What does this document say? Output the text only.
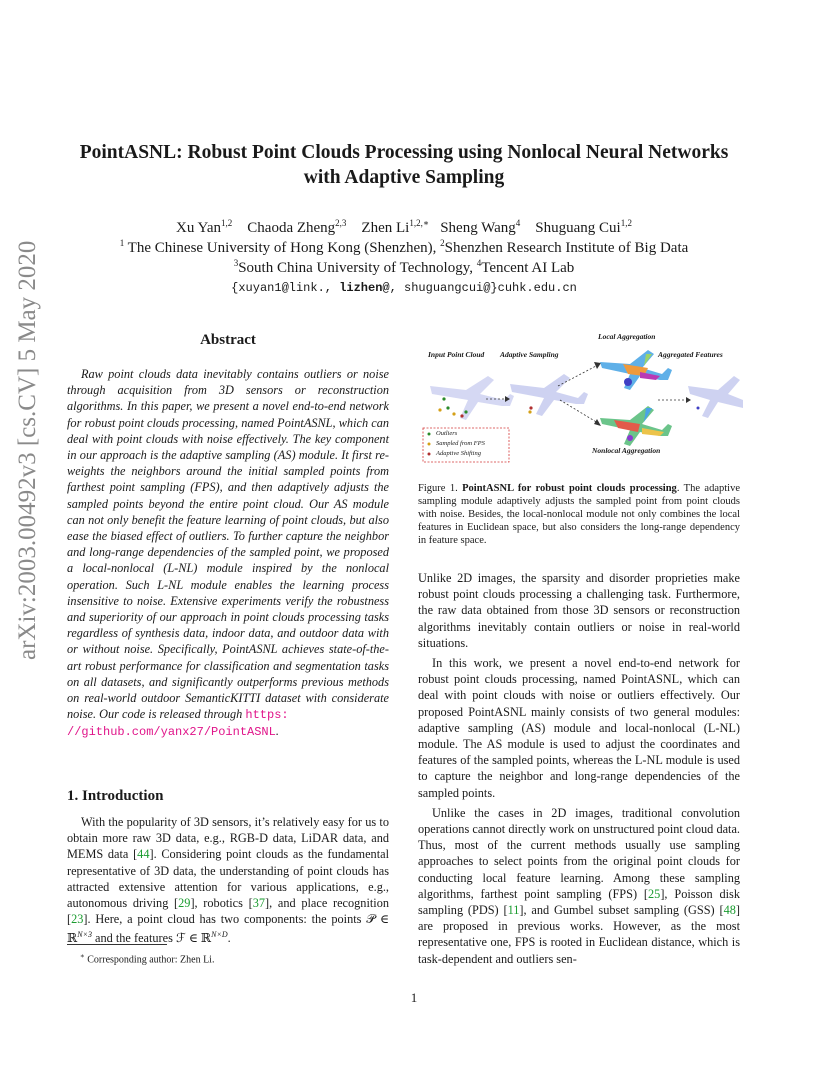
arXiv:2003.00492v3 [cs.CV] 5 May 2020
PointASNL: Robust Point Clouds Processing using Nonlocal Neural Networks
with Adaptive Sampling
Xu Yan$^{1,2}$ Chaoda Zheng$^{2,3}$ Zhen $Li^{1,2,∗}$ Sheng Wang$^4$ Shuguang Cui$^{1,2}$
$^1$ The Chinese University of Hong Kong (Shenzhen), $^2$Shenzhen Research Institute of Big Data
$^3$South China University of Technology, $^4$Tencent AI Lab
{xuyan1@link., lizhen@, shuguangcui@}cuhk.edu.cn
Abstract
Raw point clouds data inevitably contains outliers or noise through acquisition from 3D sensors or reconstruction algorithms. In this paper, we present a novel end-to-end network for robust point clouds processing, named PointASNL, which can deal with point clouds with noise effectively. The key component in our approach is the adaptive sampling (AS) module. It first re-weights the neighbors around the initial sampled points from farthest point sampling (FPS), and then adaptively adjusts the sampled points beyond the entire point cloud. Our AS module can not only benefit the feature learning of point clouds, but also ease the biased effect of outliers. To further capture the neighbor and long-range dependencies of the sampled point, we proposed a local-nonlocal (L-NL) module inspired by the nonlocal operation. Such L-NL module enables the learning process insensitive to noise. Extensive experiments verify the robustness and superiority of our approach in point clouds processing tasks regardless of synthesis data, indoor data, and outdoor data with or without noise. Specifically, PointASNL achieves state-of-the-art robust performance for classification and segmentation tasks on all datasets, and significantly outperforms previous methods on real-world outdoor SemanticKITTI dataset with considerate noise. Our code is released through https:
//github.com/yanx27/PointASNL.
1. Introduction

With the popularity of 3D sensors, it’s relatively easy for us to obtain more raw 3D data, e.g., RGB-D data, LiDAR data, and MEMS data [44]. Considering point clouds as the fundamental representative of 3D data, the understanding of point clouds has attracted extensive attention for various applications, e.g., autonomous driving [29], robotics [37], and place recognition [23]. Here, a point cloud has two components: the points 𝒫 ∈ ℝ$^{N\times 3}$ and the features ℱ ∈ ℝ$^{N\times D}$.

∗ Corresponding author: Zhen Li.
Local Aggregation
Input Point Cloud Adaptive Sampling	Aggregated Features
Nonlocal Aggregation
Outliers
Sampled from FPS
Adaptive Shifting
Figure 1. PointASNL for robust point clouds processing. The adaptive sampling module adaptively adjusts the sampled point from point clouds with noise. Besides, the local-nonlocal module not only combines the local features in Euclidean space, but also considers the long-range dependency in feature space.

Unlike 2D images, the sparsity and disorder proprieties make robust point clouds processing a challenging task. Furthermore, the raw data obtained from those 3D sensors or reconstruction algorithms inevitably contain outliers or noise in real-world situations.

In this work, we present a novel end-to-end network for robust point clouds processing, named PointASNL, which can deal with point clouds with noise or outliers effectively. Our proposed PointASNL mainly consists of two general modules: adaptive sampling (AS) module and local-nonlocal (L-NL) module. The AS module is used to adjust the coordinates and features of the sampled points, whereas the L-NL module is used to capture the neighbor and long-range dependencies of the sampled points.

Unlike the cases in 2D images, traditional convolution operations cannot directly work on unstructured point cloud data. Thus, most of the current methods usually use sampling approaches to select points from the original point clouds for conducting local feature learning. Among these sampling algorithms, farthest point sampling (FPS) [25], Poisson disk sampling (PDS) [11], and Gumbel subset sampling (GSS) [48] are proposed in previous works. However, as the most representative one, FPS is rooted in Euclidean distance, which is task-dependent and outliers sen-

1
